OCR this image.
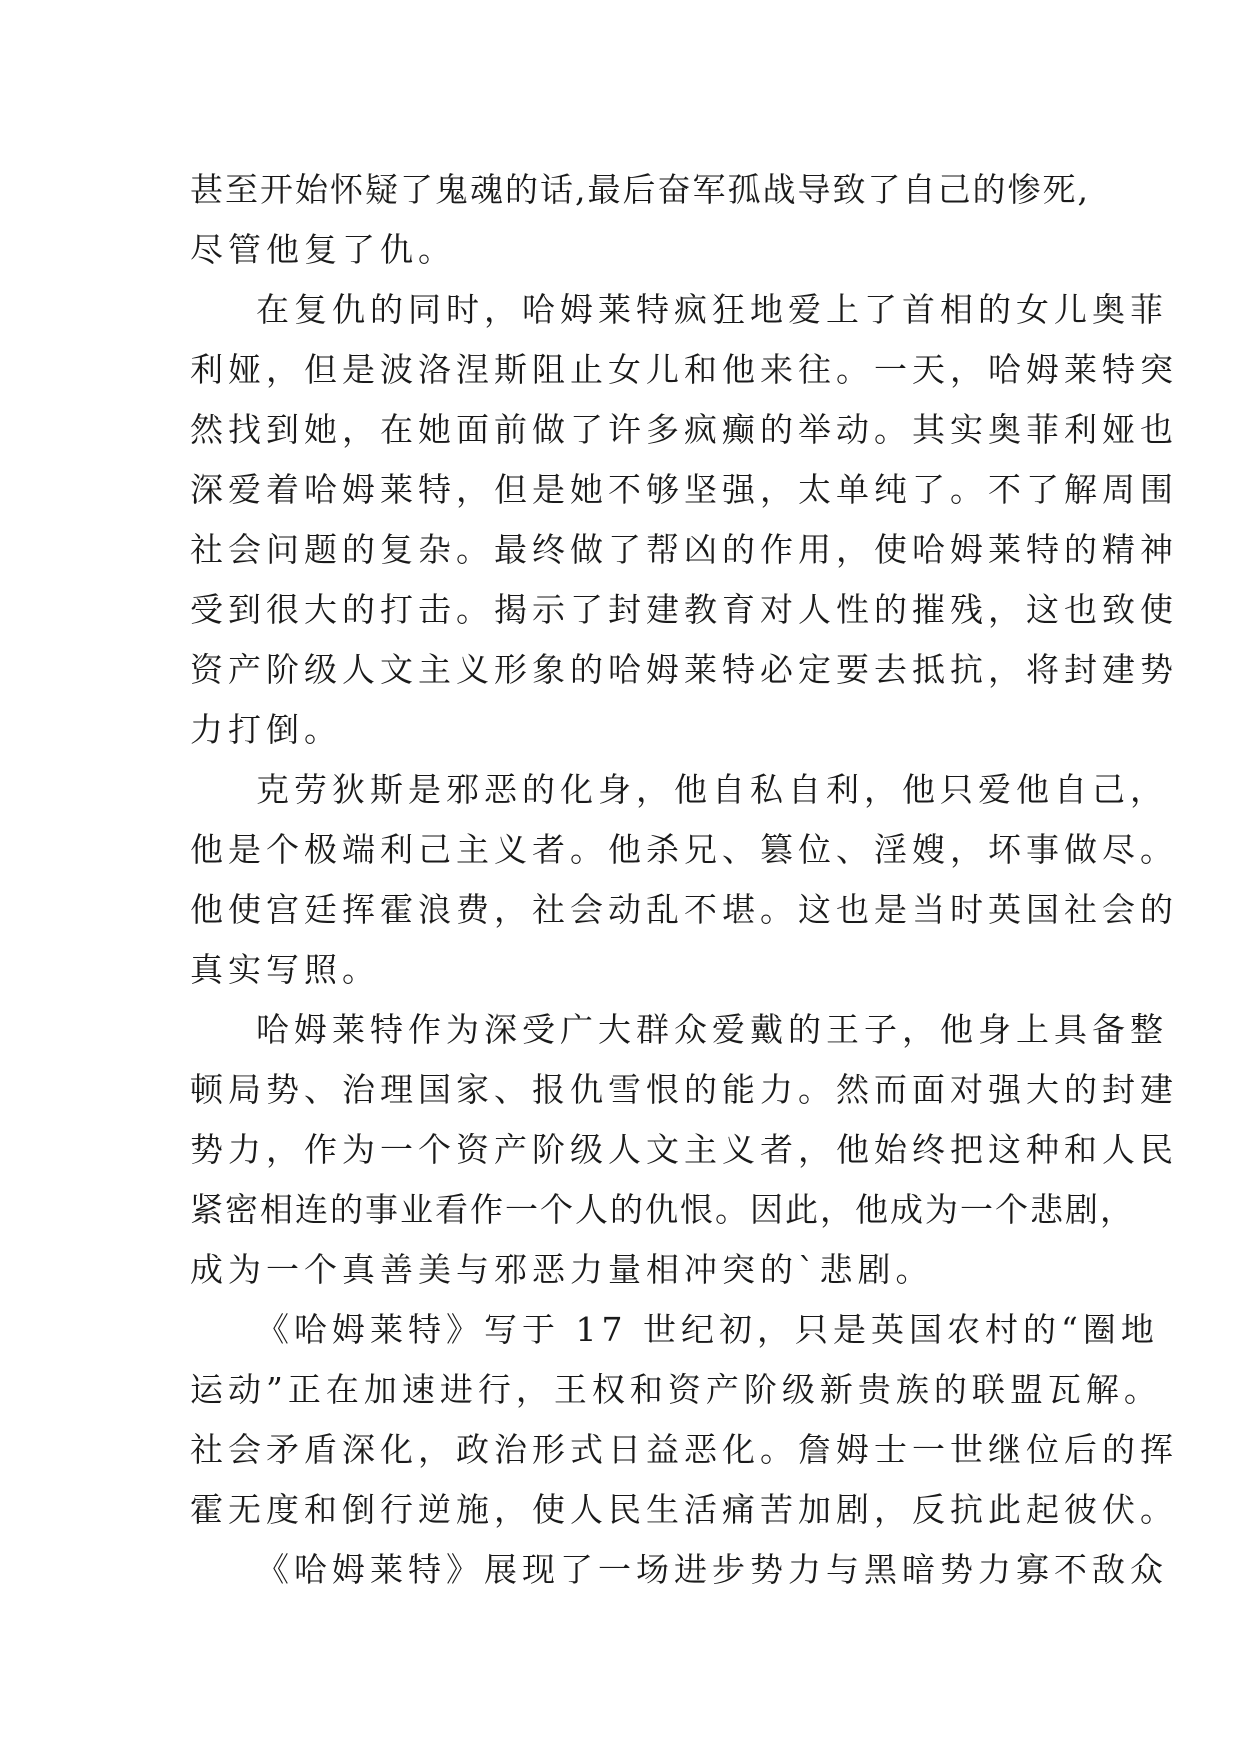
甚至开始怀疑了鬼魂的话,最后奋军孤战导致了自己的惨死,
尽管他复了仇。
在复仇的同时，哈姆莱特疯狂地爱上了首相的女儿奥菲
利娅，但是波洛涅斯阻止女儿和他来往。一天，哈姆莱特突
然找到她，在她面前做了许多疯癫的举动。其实奥菲利娅也
深爱着哈姆莱特，但是她不够坚强，太单纯了。不了解周围
社会问题的复杂。最终做了帮凶的作用，使哈姆莱特的精神
受到很大的打击。揭示了封建教育对人性的摧残，这也致使
资产阶级人文主义形象的哈姆莱特必定要去抵抗，将封建势
力打倒。
克劳狄斯是邪恶的化身，他自私自利，他只爱他自己，
他是个极端利己主义者。他杀兄、篡位、淫嫂，坏事做尽。
他使宫廷挥霍浪费，社会动乱不堪。这也是当时英国社会的
真实写照。
哈姆莱特作为深受广大群众爱戴的王子，他身上具备整
顿局势、治理国家、报仇雪恨的能力。然而面对强大的封建
势力，作为一个资产阶级人文主义者，他始终把这种和人民
紧密相连的事业看作一个人的仇恨。因此，他成为一个悲剧，
成为一个真善美与邪恶力量相冲突的`悲剧。
《哈姆莱特》写于 17 世纪初，只是英国农村的“圈地
运动”正在加速进行，王权和资产阶级新贵族的联盟瓦解。
社会矛盾深化，政治形式日益恶化。詹姆士一世继位后的挥
霍无度和倒行逆施，使人民生活痛苦加剧，反抗此起彼伏。
《哈姆莱特》展现了一场进步势力与黑暗势力寡不敌众
